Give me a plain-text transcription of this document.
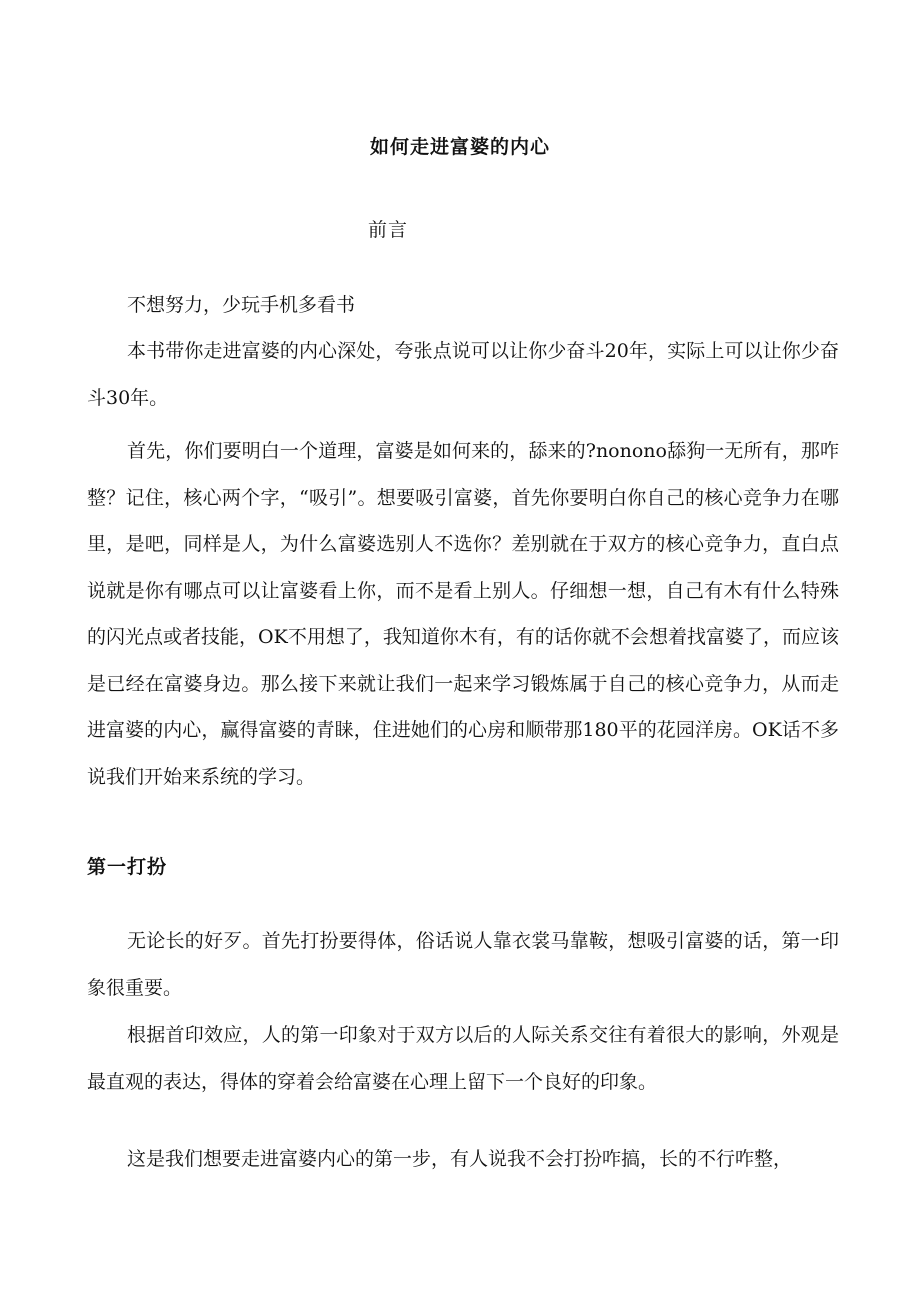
如何走进富婆的内心
前言

不想努力，少玩手机多看书

本书带你走进富婆的内心深处，夸张点说可以让你少奋斗20年，实际上可以让你少奋斗30年。

首先，你们要明白一个道理，富婆是如何来的，舔来的?nonono舔狗一无所有，那咋整？记住，核心两个字，“吸引”。想要吸引富婆，首先你要明白你自己的核心竞争力在哪里，是吧，同样是人，为什么富婆选别人不选你？差别就在于双方的核心竞争力，直白点说就是你有哪点可以让富婆看上你，而不是看上别人。仔细想一想，自己有木有什么特殊的闪光点或者技能，OK不用想了，我知道你木有，有的话你就不会想着找富婆了，而应该是已经在富婆身边。那么接下来就让我们一起来学习锻炼属于自己的核心竞争力，从而走进富婆的内心，赢得富婆的青睐，住进她们的心房和顺带那180平的花园洋房。OK话不多说我们开始来系统的学习。

第一打扮

无论长的好歹。首先打扮要得体，俗话说人靠衣裳马靠鞍，想吸引富婆的话，第一印象很重要。

根据首印效应，人的第一印象对于双方以后的人际关系交往有着很大的影响，外观是最直观的表达，得体的穿着会给富婆在心理上留下一个良好的印象。

这是我们想要走进富婆内心的第一步，有人说我不会打扮咋搞，长的不行咋整，
